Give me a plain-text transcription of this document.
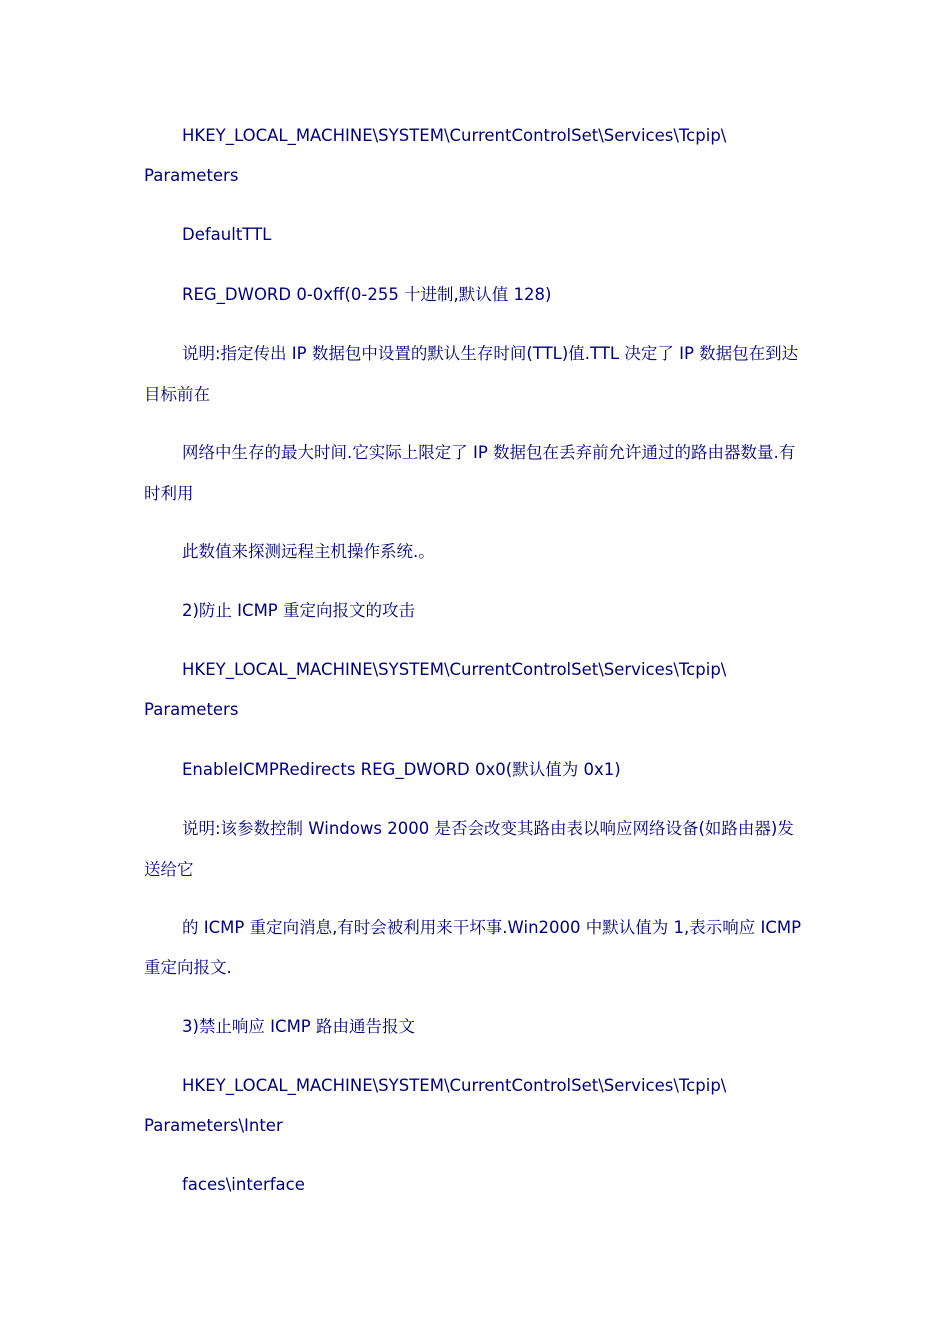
HKEY_LOCAL_MACHINE\SYSTEM\CurrentControlSet\Services\Tcpip\
Parameters
DefaultTTL
REG_DWORD 0-0xff(0-255 十进制,默认值 128)
说明:指定传出 IP 数据包中设置的默认生存时间(TTL)值.TTL 决定了 IP 数据包在到达
目标前在
网络中生存的最大时间.它实际上限定了 IP 数据包在丢弃前允许通过的路由器数量.有
时利用
此数值来探测远程主机操作系统.。
2)防止 ICMP 重定向报文的攻击
HKEY_LOCAL_MACHINE\SYSTEM\CurrentControlSet\Services\Tcpip\
Parameters
EnableICMPRedirects REG_DWORD 0x0(默认值为 0x1)
说明:该参数控制 Windows 2000 是否会改变其路由表以响应网络设备(如路由器)发
送给它
的 ICMP 重定向消息,有时会被利用来干坏事.Win2000 中默认值为 1,表示响应 ICMP
重定向报文.
3)禁止响应 ICMP 路由通告报文
HKEY_LOCAL_MACHINE\SYSTEM\CurrentControlSet\Services\Tcpip\
Parameters\Inter
faces\interface
